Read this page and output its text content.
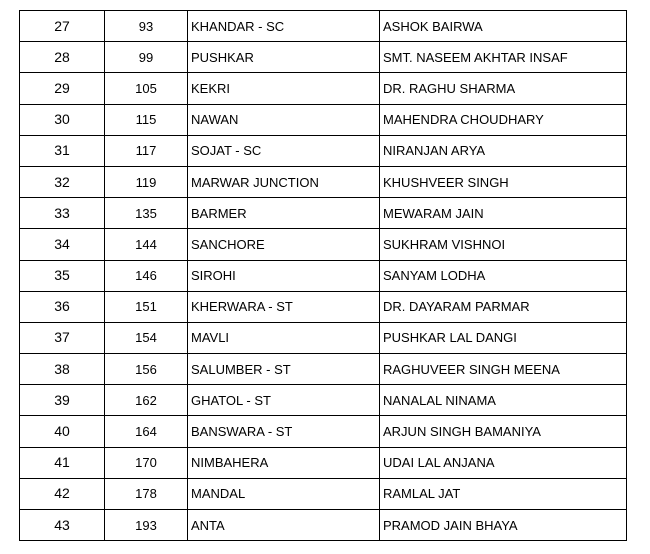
27	93	KHANDAR - SC	ASHOK BAIRWA
28	99	PUSHKAR	SMT. NASEEM AKHTAR INSAF
29	105	KEKRI	DR. RAGHU SHARMA
30	115	NAWAN	MAHENDRA CHOUDHARY
31	117	SOJAT - SC	NIRANJAN ARYA
32	119	MARWAR JUNCTION	KHUSHVEER SINGH
33	135	BARMER	MEWARAM JAIN
34	144	SANCHORE	SUKHRAM VISHNOI
35	146	SIROHI	SANYAM LODHA
36	151	KHERWARA - ST	DR. DAYARAM PARMAR
37	154	MAVLI	PUSHKAR LAL DANGI
38	156	SALUMBER - ST	RAGHUVEER SINGH MEENA
39	162	GHATOL - ST	NANALAL NINAMA
40	164	BANSWARA - ST	ARJUN SINGH BAMANIYA
41	170	NIMBAHERA	UDAI LAL ANJANA
42	178	MANDAL	RAMLAL JAT
43	193	ANTA	PRAMOD JAIN BHAYA
